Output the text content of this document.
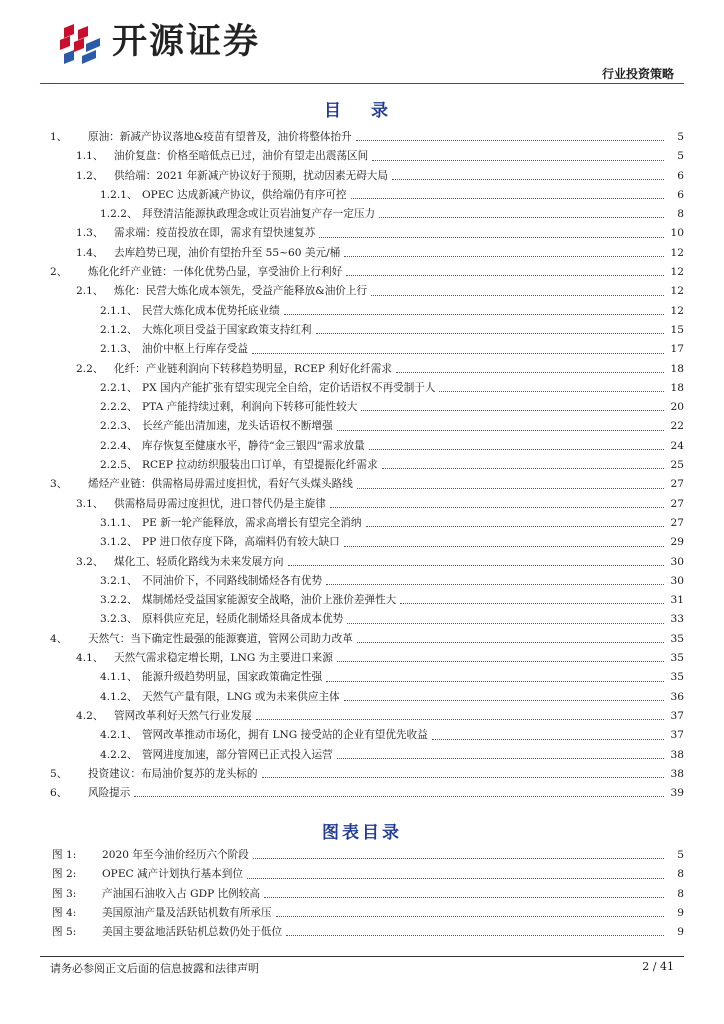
开源证券
行业投资策略
目 录
1、	原油：新减产协议落地&疫苗有望普及，油价将整体抬升	5
1.1、 油价复盘：价格至暗低点已过，油价有望走出震荡区间	5
1.2、 供给端：2021 年新减产协议好于预期，扰动因素无碍大局	6
1.2.1、 OPEC 达成新减产协议，供给端仍有序可控	6
1.2.2、 拜登清洁能源执政理念或让页岩油复产存一定压力	8
1.3、 需求端：疫苗投放在即，需求有望快速复苏	10
1.4、 去库趋势已现，油价有望抬升至 55~60 美元/桶	12
2、	炼化化纤产业链：一体化优势凸显，享受油价上行利好	12
2.1、 炼化：民营大炼化成本领先，受益产能释放&油价上行	12
2.1.1、 民营大炼化成本优势托底业绩	12
2.1.2、 大炼化项目受益于国家政策支持红利	15
2.1.3、 油价中枢上行库存受益	17
2.2、 化纤：产业链利润向下转移趋势明显，RCEP 利好化纤需求	18
2.2.1、 PX 国内产能扩张有望实现完全自给，定价话语权不再受制于人	18
2.2.2、 PTA 产能持续过剩，利润向下转移可能性较大	20
2.2.3、 长丝产能出清加速，龙头话语权不断增强	22
2.2.4、 库存恢复至健康水平，静待“金三银四”需求放量	24
2.2.5、 RCEP 拉动纺织服装出口订单，有望提振化纤需求	25
3、	烯烃产业链：供需格局毋需过度担忧，看好气头煤头路线	27
3.1、 供需格局毋需过度担忧，进口替代仍是主旋律	27
3.1.1、 PE 新一轮产能释放，需求高增长有望完全消纳	27
3.1.2、 PP 进口依存度下降，高端料仍有较大缺口	29
3.2、 煤化工、轻质化路线为未来发展方向	30
3.2.1、 不同油价下，不同路线制烯烃各有优势	30
3.2.2、 煤制烯烃受益国家能源安全战略，油价上涨价差弹性大	31
3.2.3、 原料供应充足，轻质化制烯烃具备成本优势	33
4、	天然气：当下确定性最强的能源赛道，管网公司助力改革	35
4.1、 天然气需求稳定增长期，LNG 为主要进口来源	35
4.1.1、 能源升级趋势明显，国家政策确定性强	35
4.1.2、 天然气产量有限，LNG 或为未来供应主体	36
4.2、 管网改革利好天然气行业发展	37
4.2.1、 管网改革推动市场化，拥有 LNG 接受站的企业有望优先收益	37
4.2.2、 管网进度加速，部分管网已正式投入运营	38
5、	投资建议：布局油价复苏的龙头标的	38
6、	风险提示	39
图表目录
图 1:	2020 年至今油价经历六个阶段	5
图 2:	OPEC 减产计划执行基本到位	8
图 3:	产油国石油收入占 GDP 比例较高	8
图 4:	美国原油产量及活跃钻机数有所承压	9
图 5:	美国主要盆地活跃钻机总数仍处于低位	9
请务必参阅正文后面的信息披露和法律声明	2 / 41
